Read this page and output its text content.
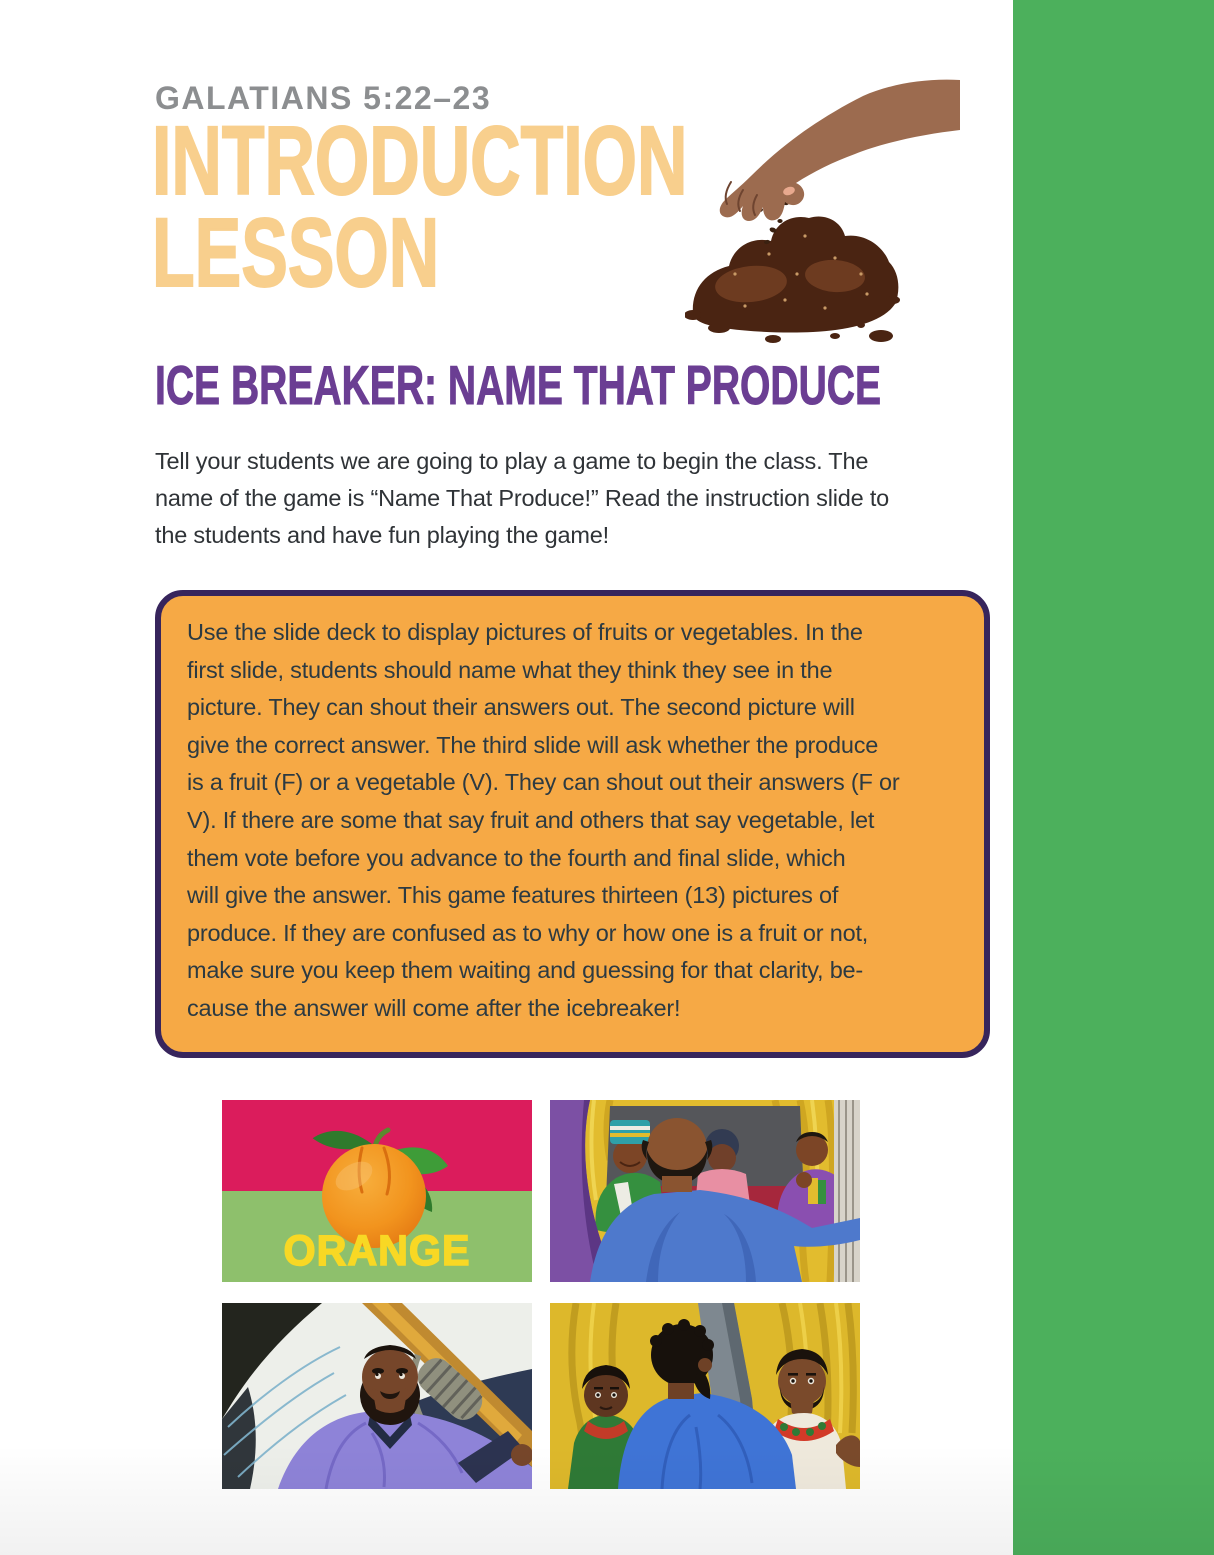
GALATIANS 5:22–23
INTRODUCTION
LESSON
ICE BREAKER: NAME THAT PRODUCE
Tell your students we are going to play a game to begin the class. The
name of the game is “Name That Produce!” Read the instruction slide to
the students and have fun playing the game!
Use the slide deck to display pictures of fruits or vegetables. In the
first slide, students should name what they think they see in the
picture. They can shout their answers out. The second picture will
give the correct answer. The third slide will ask whether the produce
is a fruit (F) or a vegetable (V). They can shout out their answers (F or
V). If there are some that say fruit and others that say vegetable, let
them vote before you advance to the fourth and final slide, which
will give the answer. This game features thirteen (13) pictures of
produce. If they are confused as to why or how one is a fruit or not,
make sure you keep them waiting and guessing for that clarity, be-
cause the answer will come after the icebreaker!
ORANGE
